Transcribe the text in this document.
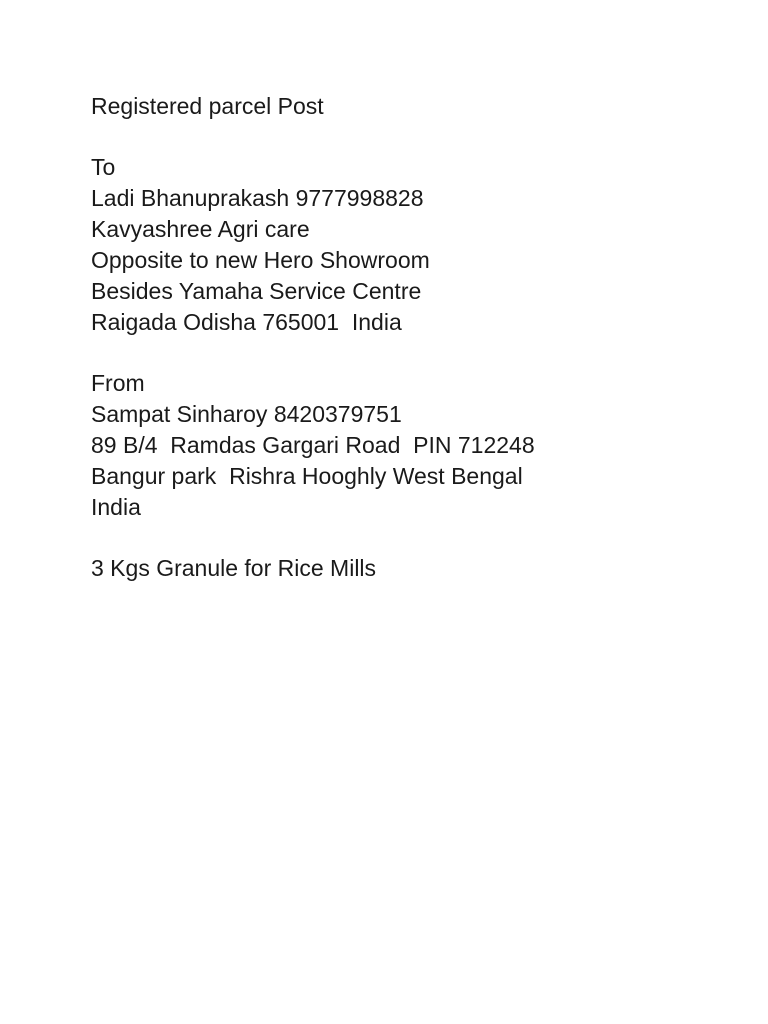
Registered parcel Post
To
Ladi Bhanuprakash 9777998828
Kavyashree Agri care
Opposite to new Hero Showroom
Besides Yamaha Service Centre
Raigada Odisha 765001  India
From
Sampat Sinharoy 8420379751
89 B/4  Ramdas Gargari Road  PIN 712248
Bangur park  Rishra Hooghly West Bengal
India
3 Kgs Granule for Rice Mills
